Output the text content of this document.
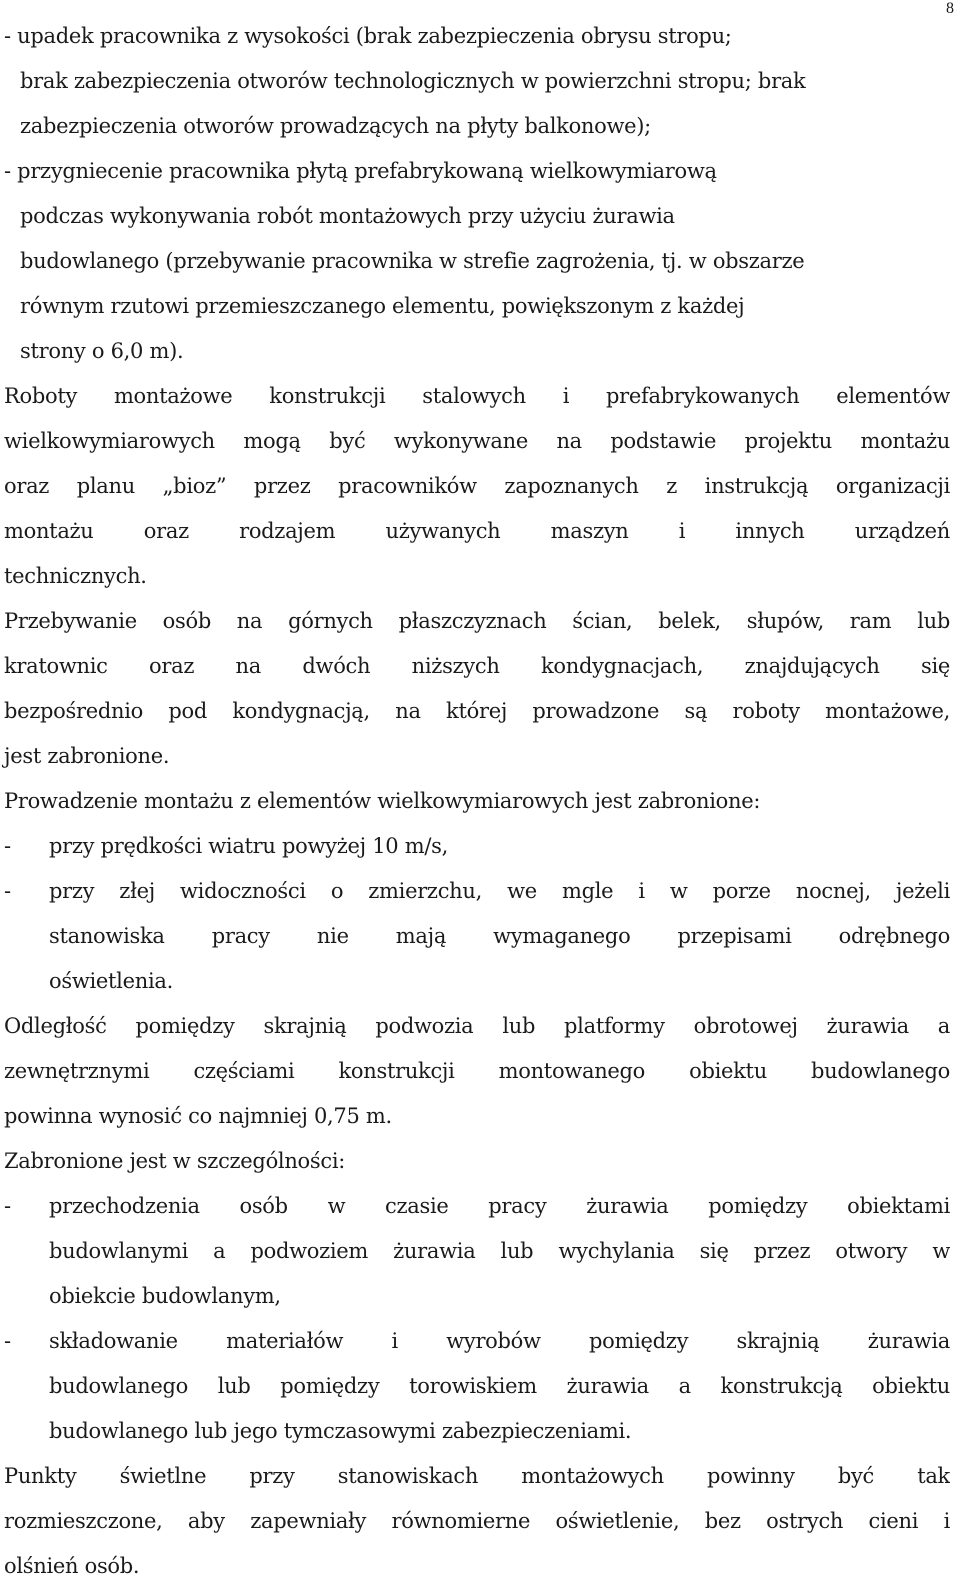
8
- upadek pracownika z wysokości (brak zabezpieczenia obrysu stropu;
brak zabezpieczenia otworów technologicznych w powierzchni stropu; brak
zabezpieczenia otworów prowadzących na płyty balkonowe);
- przygniecenie pracownika płytą prefabrykowaną wielkowymiarową
podczas wykonywania robót montażowych przy użyciu żurawia
budowlanego (przebywanie pracownika w strefie zagrożenia, tj. w obszarze
równym rzutowi przemieszczanego elementu, powiększonym z każdej
strony o 6,0 m).
Roboty montażowe konstrukcji stalowych i prefabrykowanych elementów
wielkowymiarowych mogą być wykonywane na podstawie projektu montażu
oraz planu „bioz” przez pracowników zapoznanych z instrukcją organizacji
montażu oraz rodzajem używanych maszyn i innych urządzeń
technicznych.
Przebywanie osób na górnych płaszczyznach ścian, belek, słupów, ram lub
kratownic oraz na dwóch niższych kondygnacjach, znajdujących się
bezpośrednio pod kondygnacją, na której prowadzone są roboty montażowe,
jest zabronione.
Prowadzenie montażu z elementów wielkowymiarowych jest zabronione:
- przy prędkości wiatru powyżej 10 m/s,
- przy złej widoczności o zmierzchu, we mgle i w porze nocnej, jeżeli
stanowiska pracy nie mają wymaganego przepisami odrębnego
oświetlenia.
Odległość pomiędzy skrajnią podwozia lub platformy obrotowej żurawia a
zewnętrznymi częściami konstrukcji montowanego obiektu budowlanego
powinna wynosić co najmniej 0,75 m.
Zabronione jest w szczególności:
- przechodzenia osób w czasie pracy żurawia pomiędzy obiektami
budowlanymi a podwoziem żurawia lub wychylania się przez otwory w
obiekcie budowlanym,
- składowanie materiałów i wyrobów pomiędzy skrajnią żurawia
budowlanego lub pomiędzy torowiskiem żurawia a konstrukcją obiektu
budowlanego lub jego tymczasowymi zabezpieczeniami.
Punkty świetlne przy stanowiskach montażowych powinny być tak
rozmieszczone, aby zapewniały równomierne oświetlenie, bez ostrych cieni i
olśnień osób.
